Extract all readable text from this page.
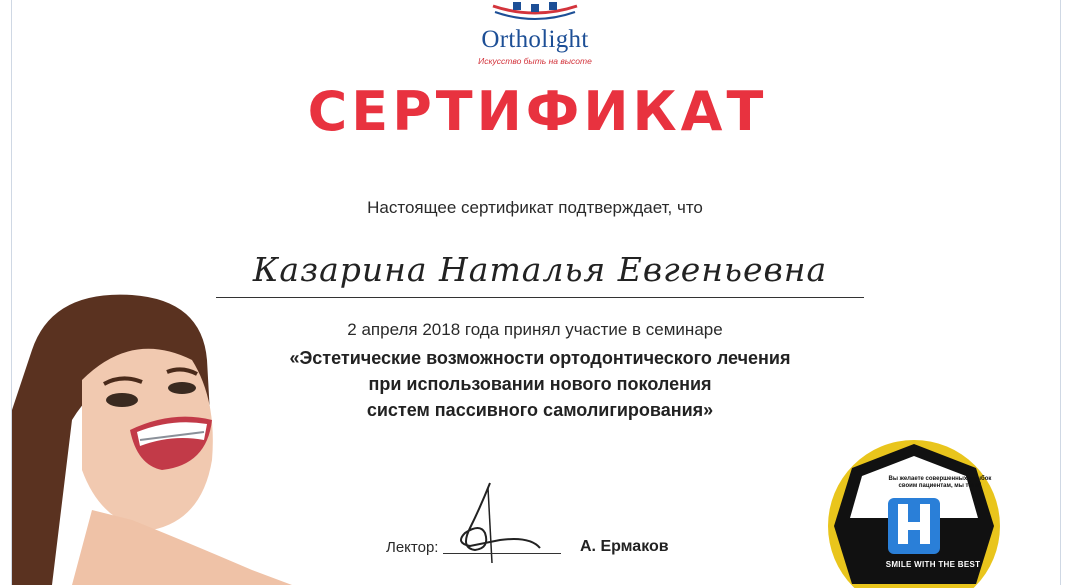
Ortholight
Искусство быть на высоте
СЕРТИФИКАТ
Настоящее сертификат подтверждает, что
Казарина Наталья Евгеньевна
2 апреля 2018 года принял участие в семинаре
«Эстетические возможности ортодонтического лечения
при использовании нового поколения
систем пассивного самолигирования»
Лектор:	А. Ермаков
Вы желаете совершенных улыбок своим пациентам, мы тоже!
SMILE WITH THE BEST
